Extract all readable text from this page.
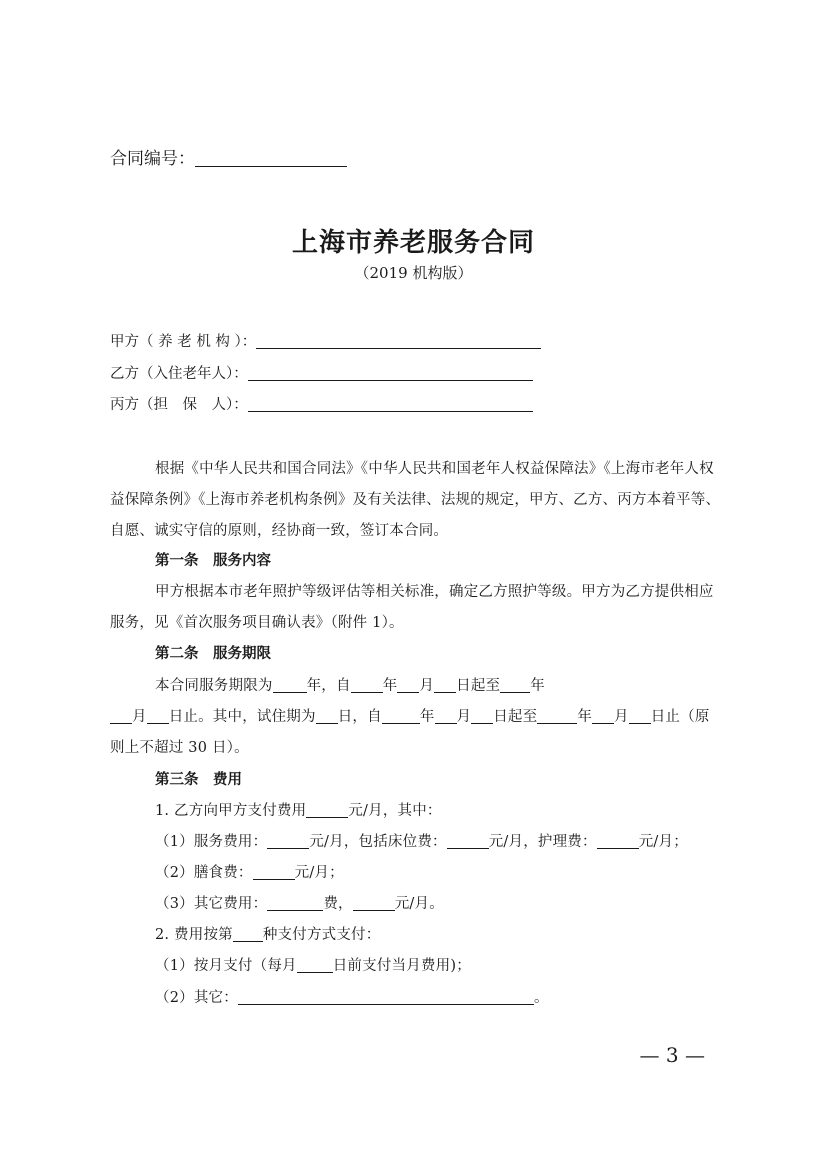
合同编号：
上海市养老服务合同
（2019 机构版）
甲方（ 养 老 机 构 ）：
乙方（入住老年人）：
丙方（担　保　人）：
根据《中华人民共和国合同法》《中华人民共和国老年人权益保障法》《上海市老年人权
益保障条例》《上海市养老机构条例》及有关法律、法规的规定，甲方、乙方、丙方本着平等、
自愿、诚实守信的原则，经协商一致，签订本合同。
第一条　服务内容
甲方根据本市老年照护等级评估等相关标准，确定乙方照护等级。甲方为乙方提供相应
服务，见《首次服务项目确认表》（附件 1）。
第二条　服务期限
本合同服务期限为 年，自 年 月 日起至 年
月 日止。其中，试住期为 日，自	年 月 日起至	年 月 日止（原
则上不超过 30 日）。
第三条　费用
1. 乙方向甲方支付费用	元/月，其中：
（1）服务费用：	元/月，包括床位费：	元/月，护理费：	元/月；
（2）膳食费：	元/月；
（3）其它费用：	费，	元/月。
2. 费用按第 种支付方式支付：
（1）按月支付（每月 日前支付当月费用)；
（2）其它：	。
— 3 —
